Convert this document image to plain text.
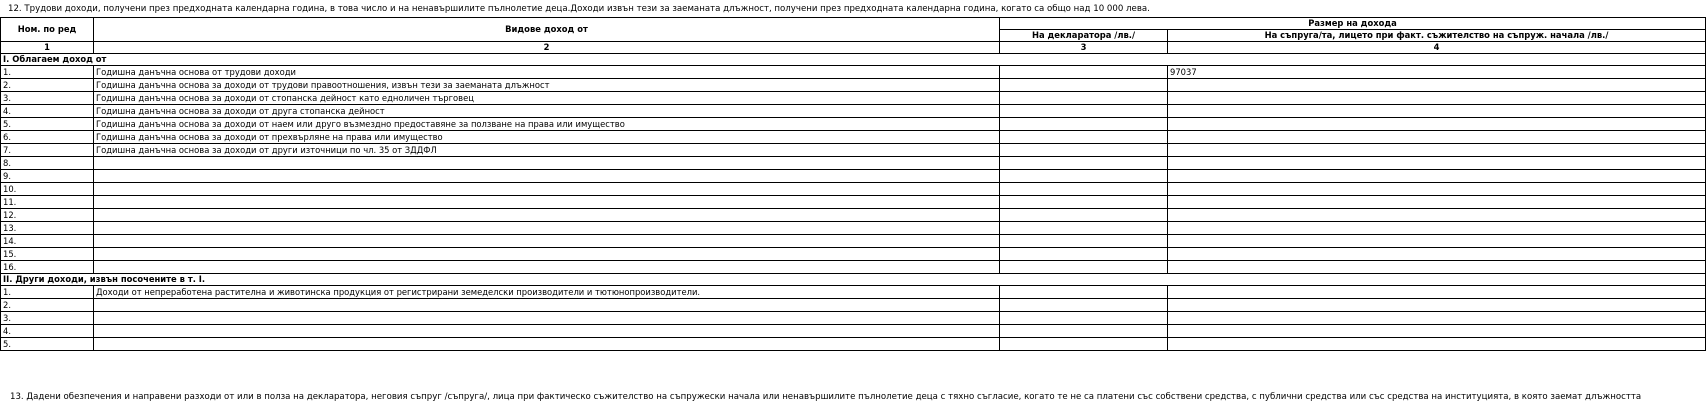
12. Трудови доходи, получени през предходната календарна година, в това число и на ненавършилите пълнолетие деца.Доходи извън тези за заеманата длъжност, получени през предходната календарна година, когато са общо над 10 000 лева.
Ном. по ред	Видове доход от	Размер на дохода	
		На декларатора /лв./	На съпруга/та, лицето при факт. съжителство на съпруж. начала /лв./
1	2	3	4
I. Облагаем доход от			
1.	Годишна данъчна основа от трудови доходи		97037
2.	Годишна данъчна основа за доходи от трудови правоотношения, извън тези за заеманата длъжност		
3.	Годишна данъчна основа за доходи от стопанска дейност като едноличен търговец		
4.	Годишна данъчна основа за доходи от друга стопанска дейност		
5.	Годишна данъчна основа за доходи от наем или друго възмездно предоставяне за ползване на права или имущество		
6.	Годишна данъчна основа за доходи от прехвърляне на права или имущество		
7.	Годишна данъчна основа за доходи от други източници по чл. 35 от ЗДДФЛ		
8.			
9.			
10.			
11.			
12.			
13.			
14.			
15.			
16.			
II. Други доходи, извън посочените в т. I.			
1.	Доходи от непреработена растителна и животинска продукция от регистрирани земеделски производители и тютюнопроизводители.		
2.			
3.			
4.			
5.			
13. Дадени обезпечения и направени разходи от или в полза на декларатора, неговия съпруг /съпруга/, лица при фактическо съжителство на съпружески начала или ненавършилите пълнолетие деца с тяхно съгласие, когато те не са платени със собствени средства, с публични средства или със средства на институцията, в която заемат длъжността
